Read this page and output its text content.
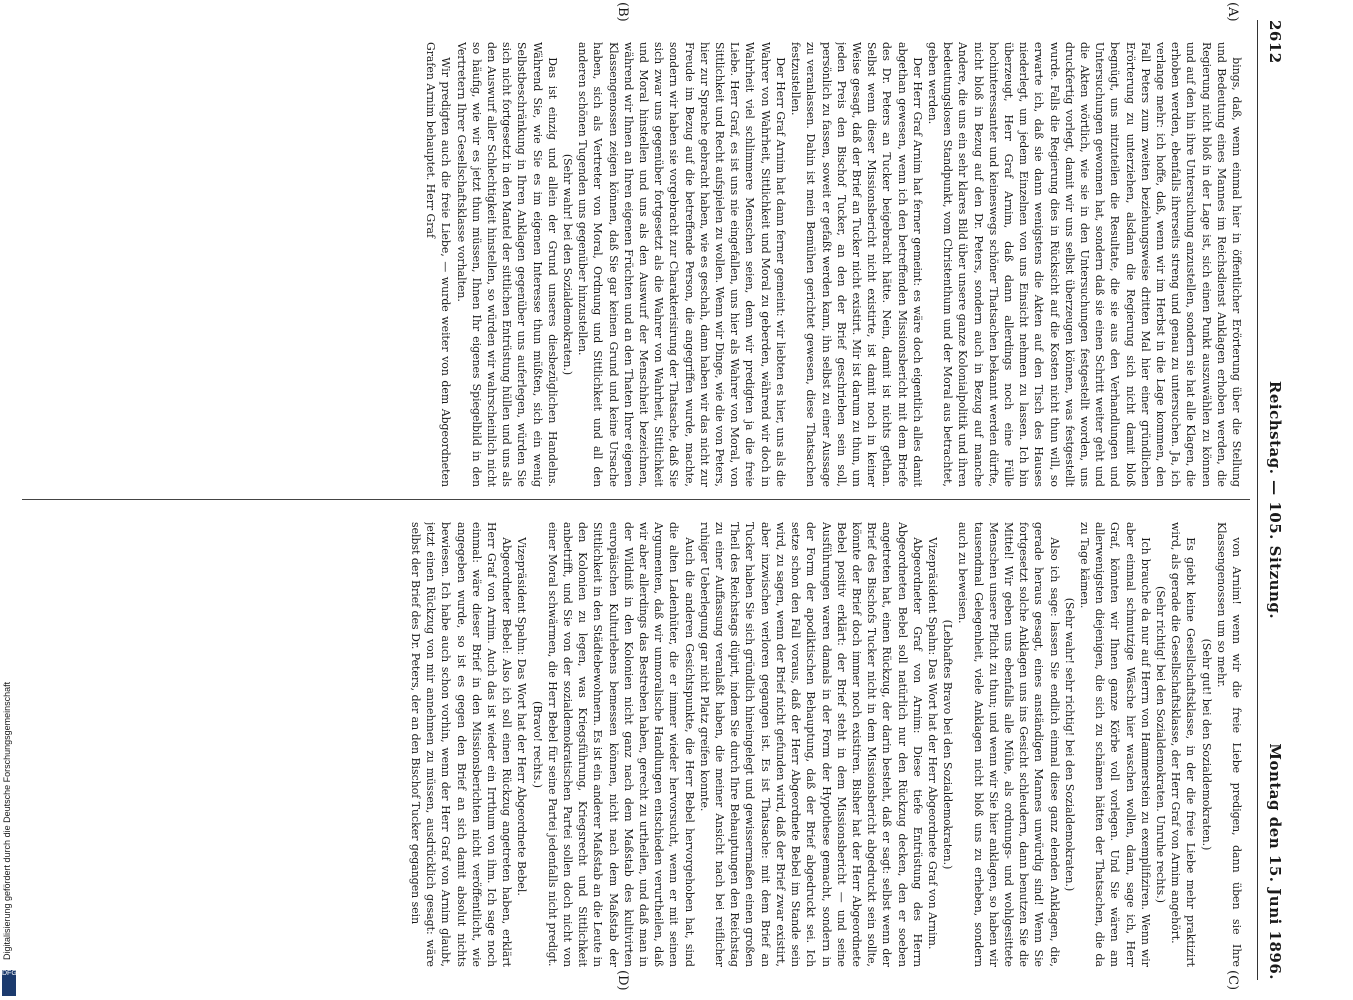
2612
Reichstag. — 105. Sitzung.
Montag den 15. Juni 1896.
(A)
(B)
(C)
(D)

bings, daß, wenn einmal hier in öffentlicher Erörterung über die Stellung und Bedeutung eines Mannes im Reichsdienst Anklagen erhoben werden, die Regierung nicht bloß in der Lage ist, sich einen Punkt auszuwählen zu können und auf den hin ihre Untersuchung anzustellen, sondern sie hat alle Klagen, die erhoben werden, ebenfalls ihrerseits streng und genau zu untersuchen. Ja, ich verlange mehr: ich hoffe, daß, wenn wir im Herbst in die Lage kommen, den Fall Peters zum zweiten beziehungsweise dritten Mal hier einer gründlichen Erörterung zu unterziehen, alsdann die Regierung sich nicht damit bloß begnügt, uns mitzuteilen die Resultate, die sie aus den Verhandlungen und Untersuchungen gewonnen hat, sondern daß sie einen Schritt weiter geht und die Akten wörtlich, wie sie in den Untersuchungen festgestellt worden, uns druckfertig vorlegt, damit wir uns selbst überzeugen können, was festgestellt wurde. Falls die Regierung dies in Rücksicht auf die Kosten nicht thun will, so erwarte ich, daß sie dann wenigstens die Akten auf den Tisch des Hauses niederlegt, um jedem Einzelnen von uns Einsicht nehmen zu lassen. Ich bin überzeugt, Herr Graf Arnim, daß dann allerdings noch eine Fülle hochinteressanter und keineswegs schöner Thatsachen bekannt werden dürfte, nicht bloß in Bezug auf den Dr. Peters, sondern auch in Bezug auf manche Andere, die uns ein sehr klares Bild über unsere ganze Kolonialpolitik und ihren bedeutungslosen Standpunkt, vom Christenthum und der Moral aus betrachtet, geben werden.

Der Herr Graf Arnim hat ferner gemeint: es wäre doch eigentlich alles damit abgethan gewesen, wenn ich den betreffenden Missionsbericht mit dem Briefe des Dr. Peters an Tucker beigebracht hätte. Nein, damit ist nichts gethan. Selbst wenn dieser Missionsbericht nicht existirte, ist damit noch in keiner Weise gesagt, daß der Brief an Tucker nicht existirt. Mir ist darum zu thun, um jeden Preis den Bischof Tucker, an den der Brief geschrieben sein soll, persönlich zu fassen, soweit er gefaßt werden kann, ihn selbst zu einer Aussage zu veranlassen. Dahin ist mein Bemühen gerichtet gewesen, diese Thatsachen festzustellen.

Der Herr Graf Arnim hat dann ferner gemeint: wir liebten es hier, uns als die Wahrer von Wahrheit, Sittlichkeit und Moral zu geberden, während wir doch in Wahrheit viel schlimmere Menschen seien, denn wir predigten ja die freie Liebe. Herr Graf, es ist uns nie eingefallen, uns hier als Wahrer von Moral, von Sittlichkeit und Recht aufspielen zu wollen. Wenn wir Dinge, wie die von Peters, hier zur Sprache gebracht haben, wie es geschah, dann haben wir das nicht zur Freude im Bezug auf die betreffende Person, die angegriffen wurde, machte, sondern wir haben sie vorgebracht zur Charakterisirung der Thatsache, daß Sie sich zwar uns gegenüber fortgesetzt als die Wahrer von Wahrheit, Sittlichkeit und Moral hinstellen und uns als den Auswurf der Menschheit bezeichnen, während wir Ihnen an Ihren eigenen Früchten und an den Thaten Ihrer eigenen Klassengenossen zeigen können, daß Sie gar keinen Grund und keine Ursache haben, sich als Vertreter von Moral, Ordnung und Sittlichkeit und all den anderen schönen Tugenden uns gegenüber hinzustellen.

(Sehr wahr! bei den Sozialdemokraten.)

Das ist einzig und allein der Grund unseres diesbezüglichen Handelns. Während Sie, wie Sie es im eigenen Interesse thun müßten, sich ein wenig Selbstbeschränkung in Ihren Anklagen gegenüber uns auferlegen, würden Sie sich nicht fortgesetzt in den Mantel der sittlichen Entrüstung hüllen und uns als den Auswurf aller Schlechtigkeit hinstellen, so würden wir wahrscheinlich nicht so häufig, wie wir es jetzt thun müssen, Ihnen Ihr eigenes Spiegelbild in den Vertretern Ihrer Gesellschaftsklasse vorhalten.

Wir predigten auch die freie Liebe, — wurde weiter von dem Abgeordneten Grafen Arnim behauptet. Herr Graf

von Arnim! wenn wir die freie Liebe predigen, dann üben sie Ihre Klassengenossen um so mehr.

(Sehr gut! bei den Sozialdemokraten.)

Es giebt keine Gesellschaftsklasse, in der die freie Liebe mehr praktizirt wird, als gerade die Gesellschaftsklasse, der Herr Graf von Arnim angehört.

(Sehr richtig! bei den Sozialdemokraten. Unruhe rechts.)

Ich brauche da nur auf Herrn von Hammerstein zu exemplifiziren. Wenn wir aber einmal schmutzige Wäsche hier waschen wollen, dann, sage ich, Herr Graf, könnten wir Ihnen ganze Körbe voll vorlegen. Und Sie wären am allerwenigsten diejenigen, die sich zu schämen hätten der Thatsachen, die da zu Tage kämen.

(Sehr wahr! sehr richtig! bei den Sozialdemokraten.)

Also ich sage: lassen Sie endlich einmal diese ganz elenden Anklagen, die, gerade heraus gesagt, eines anständigen Mannes unwürdig sind! Wenn Sie fortgesetzt solche Anklagen uns ins Gesicht schleudern, dann benutzen Sie die Mittel! Wir geben uns ebenfalls alle Mühe, als ordnungs- und wohlgesittete Menschen unsere Pflicht zu thun; und wenn wir Sie hier anklagen, so haben wir tausendmal Gelegenheit, viele Anklagen nicht bloß uns zu erheben, sondern auch zu beweisen.

(Lebhaftes Bravo bei den Sozialdemokraten.)

Vizepräsident Spahn: Das Wort hat der Herr Abgeordnete Graf von Arnim.

Abgeordneter Graf von Arnim: Diese tiefe Entrüstung des Herrn Abgeordneten Bebel soll natürlich nur den Rückzug decken, den er soeben angetreten hat, einen Rückzug, der darin besteht, daß er sagt: selbst wenn der Brief des Bischofs Tucker nicht in dem Missionsbericht abgedruckt sein sollte, könnte der Brief doch immer noch existiren. Bisher hat der Herr Abgeordnete Bebel positiv erklärt: der Brief steht in dem Missionsbericht — und seine Ausführungen waren damals in der Form der Hypothese gemacht, sondern in der Form der apodiktischen Behauptung, daß der Brief abgedruckt sei. Ich setze schon den Fall voraus, daß der Herr Abgeordnete Bebel im Stande sein wird, zu sagen, wenn der Brief nicht gefunden wird, daß der Brief zwar existirt, aber inzwischen verloren gegangen ist. Es ist Thatsache: mit dem Brief an Tucker haben Sie sich gründlich hineingelegt und gewissermaßen einen großen Theil des Reichstags düpirt, indem Sie durch Ihre Behauptungen den Reichstag zu einer Auffassung veranlaßt haben, die meiner Ansicht nach bei reiflicher ruhiger Ueberlegung gar nicht Platz greifen konnte.

Auch die anderen Gesichtspunkte, die Herr Bebel hervorgehoben hat, sind die alten Ladenhüter, die er immer wieder hervorsucht, wenn er mit seinen Argumenten, daß wir unmoralische Handlungen entschieden verurtheilen, daß wir aber allerdings das Bestreben haben, gerecht zu urtheilen, und daß man in der Wildniß in den Kolonien nicht ganz nach dem Maßstab des kultivirten europäischen Kulturlebens bemessen können, nicht nach dem Maßstab der Sittlichkeit in den Städtebewohnern. Es ist ein anderer Maßstab an die Leute in den Kolonien zu legen, was Kriegsführung, Kriegsrecht und Sittlichkeit anbetrifft, und Sie von der sozialdemokratischen Partei sollen doch nicht von einer Moral schwärmen, die Herr Bebel für seine Partei jedenfalls nicht predigt.

(Bravo! rechts.)

Vizepräsident Spahn: Das Wort hat der Herr Abgeordnete Bebel.

Abgeordneter Bebel: Also ich soll einen Rückzug angetreten haben, erklärt Herr Graf von Arnim. Auch das ist wieder ein Irrthum von ihm. Ich sage noch einmal: wäre dieser Brief in den Missionsberichten nicht veröffentlicht, wie angegeben wurde, so ist es gegen den Brief an sich damit absolut nichts bewiesen. Ich habe auch schon vorhin, wenn der Herr Graf von Arnim glaubt, jetzt einen Rückzug von mir annehmen zu müssen, ausdrücklich gesagt: wäre selbst der Brief des Dr. Peters, der an den Bischof Tucker gegangen sein

Digitalisierung gefördert durch die Deutsche Forschungsgemeinschaft
DFG
